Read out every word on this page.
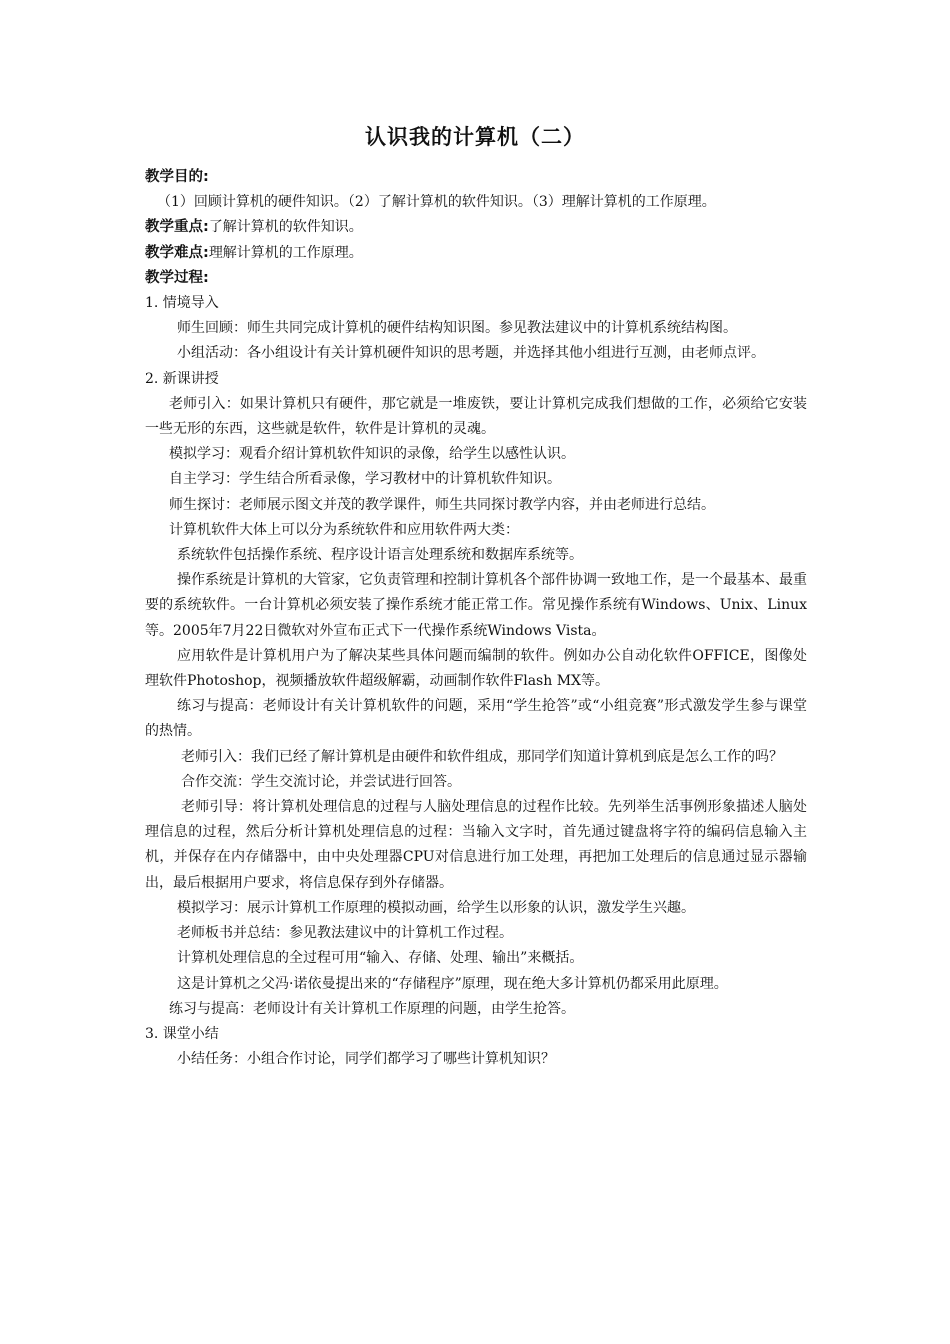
认识我的计算机（二）

教学目的:

（1）回顾计算机的硬件知识。（2）了解计算机的软件知识。（3）理解计算机的工作原理。

教学重点:了解计算机的软件知识。

教学难点:理解计算机的工作原理。

教学过程:

1. 情境导入

师生回顾：师生共同完成计算机的硬件结构知识图。参见教法建议中的计算机系统结构图。

小组活动：各小组设计有关计算机硬件知识的思考题，并选择其他小组进行互测，由老师点评。

2. 新课讲授

老师引入：如果计算机只有硬件，那它就是一堆废铁，要让计算机完成我们想做的工作，必须给它安装一些无形的东西，这些就是软件，软件是计算机的灵魂。

模拟学习：观看介绍计算机软件知识的录像，给学生以感性认识。

自主学习：学生结合所看录像，学习教材中的计算机软件知识。

师生探讨：老师展示图文并茂的教学课件，师生共同探讨教学内容，并由老师进行总结。

计算机软件大体上可以分为系统软件和应用软件两大类：

系统软件包括操作系统、程序设计语言处理系统和数据库系统等。

操作系统是计算机的大管家，它负责管理和控制计算机各个部件协调一致地工作，是一个最基本、最重要的系统软件。一台计算机必须安装了操作系统才能正常工作。常见操作系统有Windows、Unix、Linux等。2005年7月22日微软对外宣布正式下一代操作系统Windows Vista。

应用软件是计算机用户为了解决某些具体问题而编制的软件。例如办公自动化软件OFFICE，图像处理软件Photoshop，视频播放软件超级解霸，动画制作软件Flash MX等。

练习与提高：老师设计有关计算机软件的问题，采用“学生抢答”或“小组竞赛”形式激发学生参与课堂的热情。

老师引入：我们已经了解计算机是由硬件和软件组成，那同学们知道计算机到底是怎么工作的吗？

合作交流：学生交流讨论，并尝试进行回答。

老师引导：将计算机处理信息的过程与人脑处理信息的过程作比较。先列举生活事例形象描述人脑处理信息的过程，然后分析计算机处理信息的过程：当输入文字时，首先通过键盘将字符的编码信息输入主机，并保存在内存储器中，由中央处理器CPU对信息进行加工处理，再把加工处理后的信息通过显示器输出，最后根据用户要求，将信息保存到外存储器。

模拟学习：展示计算机工作原理的模拟动画，给学生以形象的认识，激发学生兴趣。

老师板书并总结：参见教法建议中的计算机工作过程。

计算机处理信息的全过程可用“输入、存储、处理、输出”来概括。

这是计算机之父冯·诺依曼提出来的“存储程序”原理，现在绝大多计算机仍都采用此原理。

练习与提高：老师设计有关计算机工作原理的问题，由学生抢答。

3. 课堂小结

小结任务：小组合作讨论，同学们都学习了哪些计算机知识？
